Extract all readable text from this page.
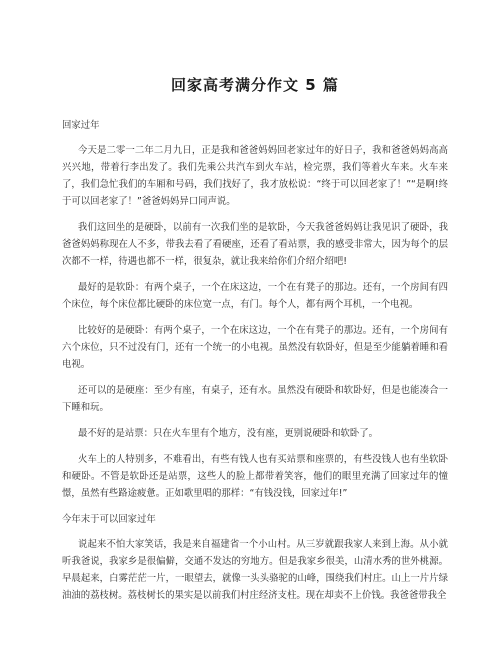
回家高考满分作文 5 篇
回家过年

今天是二零一二年二月九日，正是我和爸爸妈妈回老家过年的好日子，我和爸爸妈妈高高兴兴地，带着行李出发了。我们先乘公共汽车到火车站，检完票，我们等着火车来。火车来了，我们急忙我们的车厢和号码，我们找好了，我才放松说：“终于可以回老家了！”“是啊!终于可以回老家了！”爸爸妈妈异口同声说。

我们这回坐的是硬卧，以前有一次我们坐的是软卧，今天我爸爸妈妈让我见识了硬卧，我爸爸妈妈称现在人不多，带我去看了看硬座，还看了看站票，我的感受非常大，因为每个的层次都不一样，待遇也都不一样，很复杂，就让我来给你们介绍介绍吧!

最好的是软卧：有两个桌子，一个在床这边，一个在有凳子的那边。还有，一个房间有四个床位，每个床位都比硬卧的床位宽一点，有门。每个人，都有两个耳机，一个电视。

比较好的是硬卧：有两个桌子，一个在床这边，一个在有凳子的那边。还有，一个房间有六个床位，只不过没有门，还有一个统一的小电视。虽然没有软卧好，但是至少能躺着睡和看电视。

还可以的是硬座：至少有座，有桌子，还有水。虽然没有硬卧和软卧好，但是也能凑合一下睡和玩。

最不好的是站票：只在火车里有个地方，没有座，更别说硬卧和软卧了。

火车上的人特别多，不难看出，有些有钱人也有买站票和座票的，有些没钱人也有坐软卧和硬卧。不管是软卧还是站票，这些人的脸上都带着笑容，他们的眼里充满了回家过年的憧憬，虽然有些路途疲惫。正如歌里唱的那样：“有钱没钱，回家过年!”

今年末于可以回家过年

说起来不怕大家笑话，我是来自福建省一个小山村。从三岁就跟我家人来到上海。从小就听我爸说，我家乡是很偏僻，交通不发达的穷地方。但是我家乡很美，山清水秀的世外桃源。早晨起来，白雾茫茫一片，一眼望去，就像一头头骆驼的山峰，围绕我们村庄。山上一片片绿油油的荔枝树。荔枝树长的果实是以前我们村庄经济支柱。现在却卖不上价钱。我爸爸带我全
